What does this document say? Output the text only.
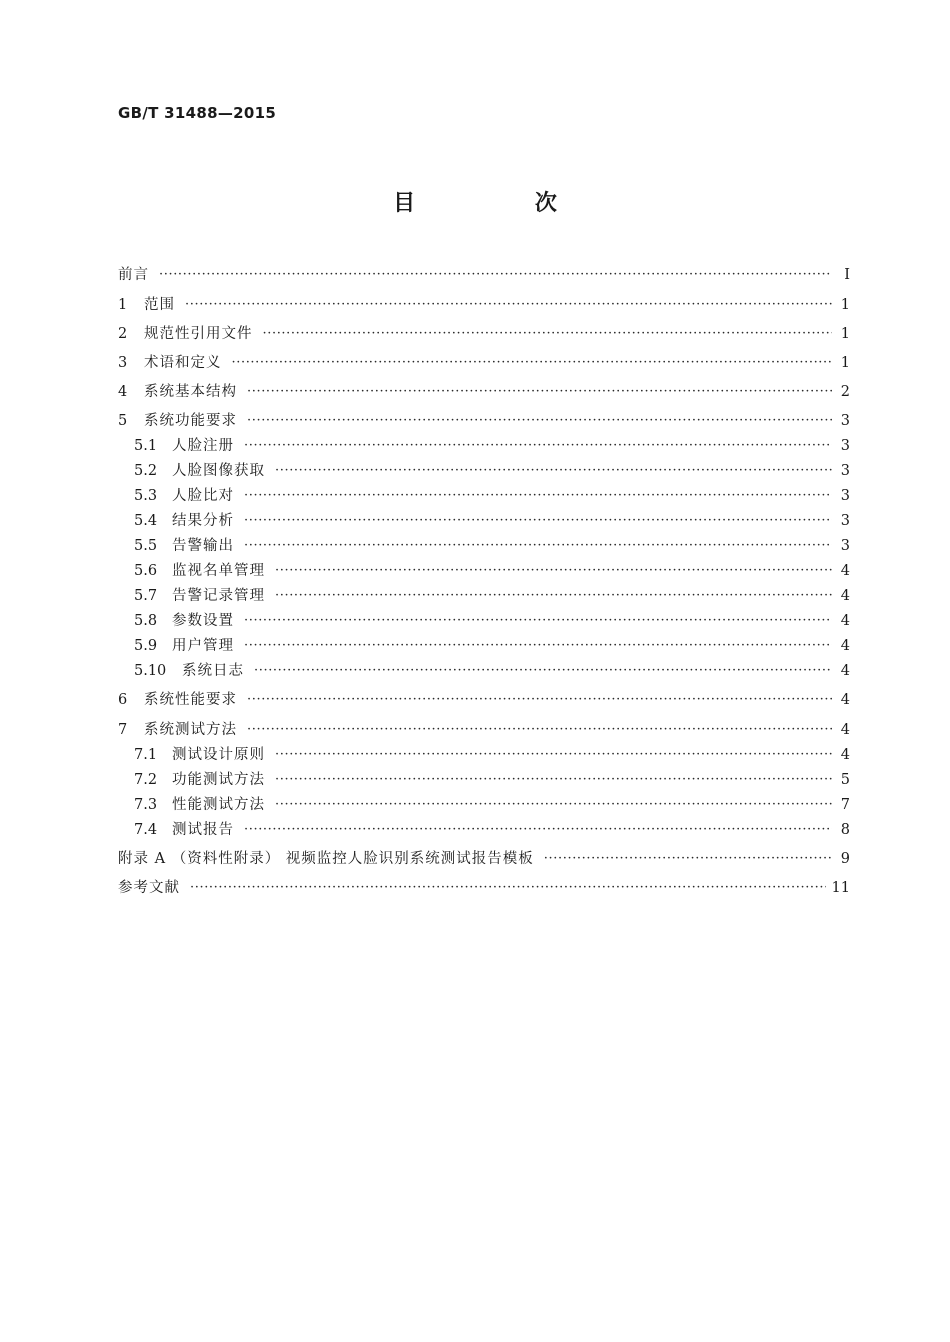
GB/T 31488—2015
目 次
前言 ·····	Ⅰ
1	范围 ·····	1
2	规范性引用文件 ·····	1
3	术语和定义 ·····	1
4	系统基本结构 ·····	2
5	系统功能要求 ·····	3
5.1	人脸注册 ·····	3
5.2	人脸图像获取 ·····	3
5.3	人脸比对 ·····	3
5.4	结果分析 ·····	3
5.5	告警输出 ·····	3
5.6	监视名单管理 ·····	4
5.7	告警记录管理 ·····	4
5.8	参数设置 ·····	4
5.9	用户管理 ·····	4
5.10	系统日志 ·····	4
6	系统性能要求 ·····	4
7	系统测试方法 ·····	4
7.1	测试设计原则 ·····	4
7.2	功能测试方法 ·····	5
7.3	性能测试方法 ·····	7
7.4	测试报告 ·····	8
附录 A （资料性附录） 视频监控人脸识别系统测试报告模板 ·····	9
参考文献 ·····	11
